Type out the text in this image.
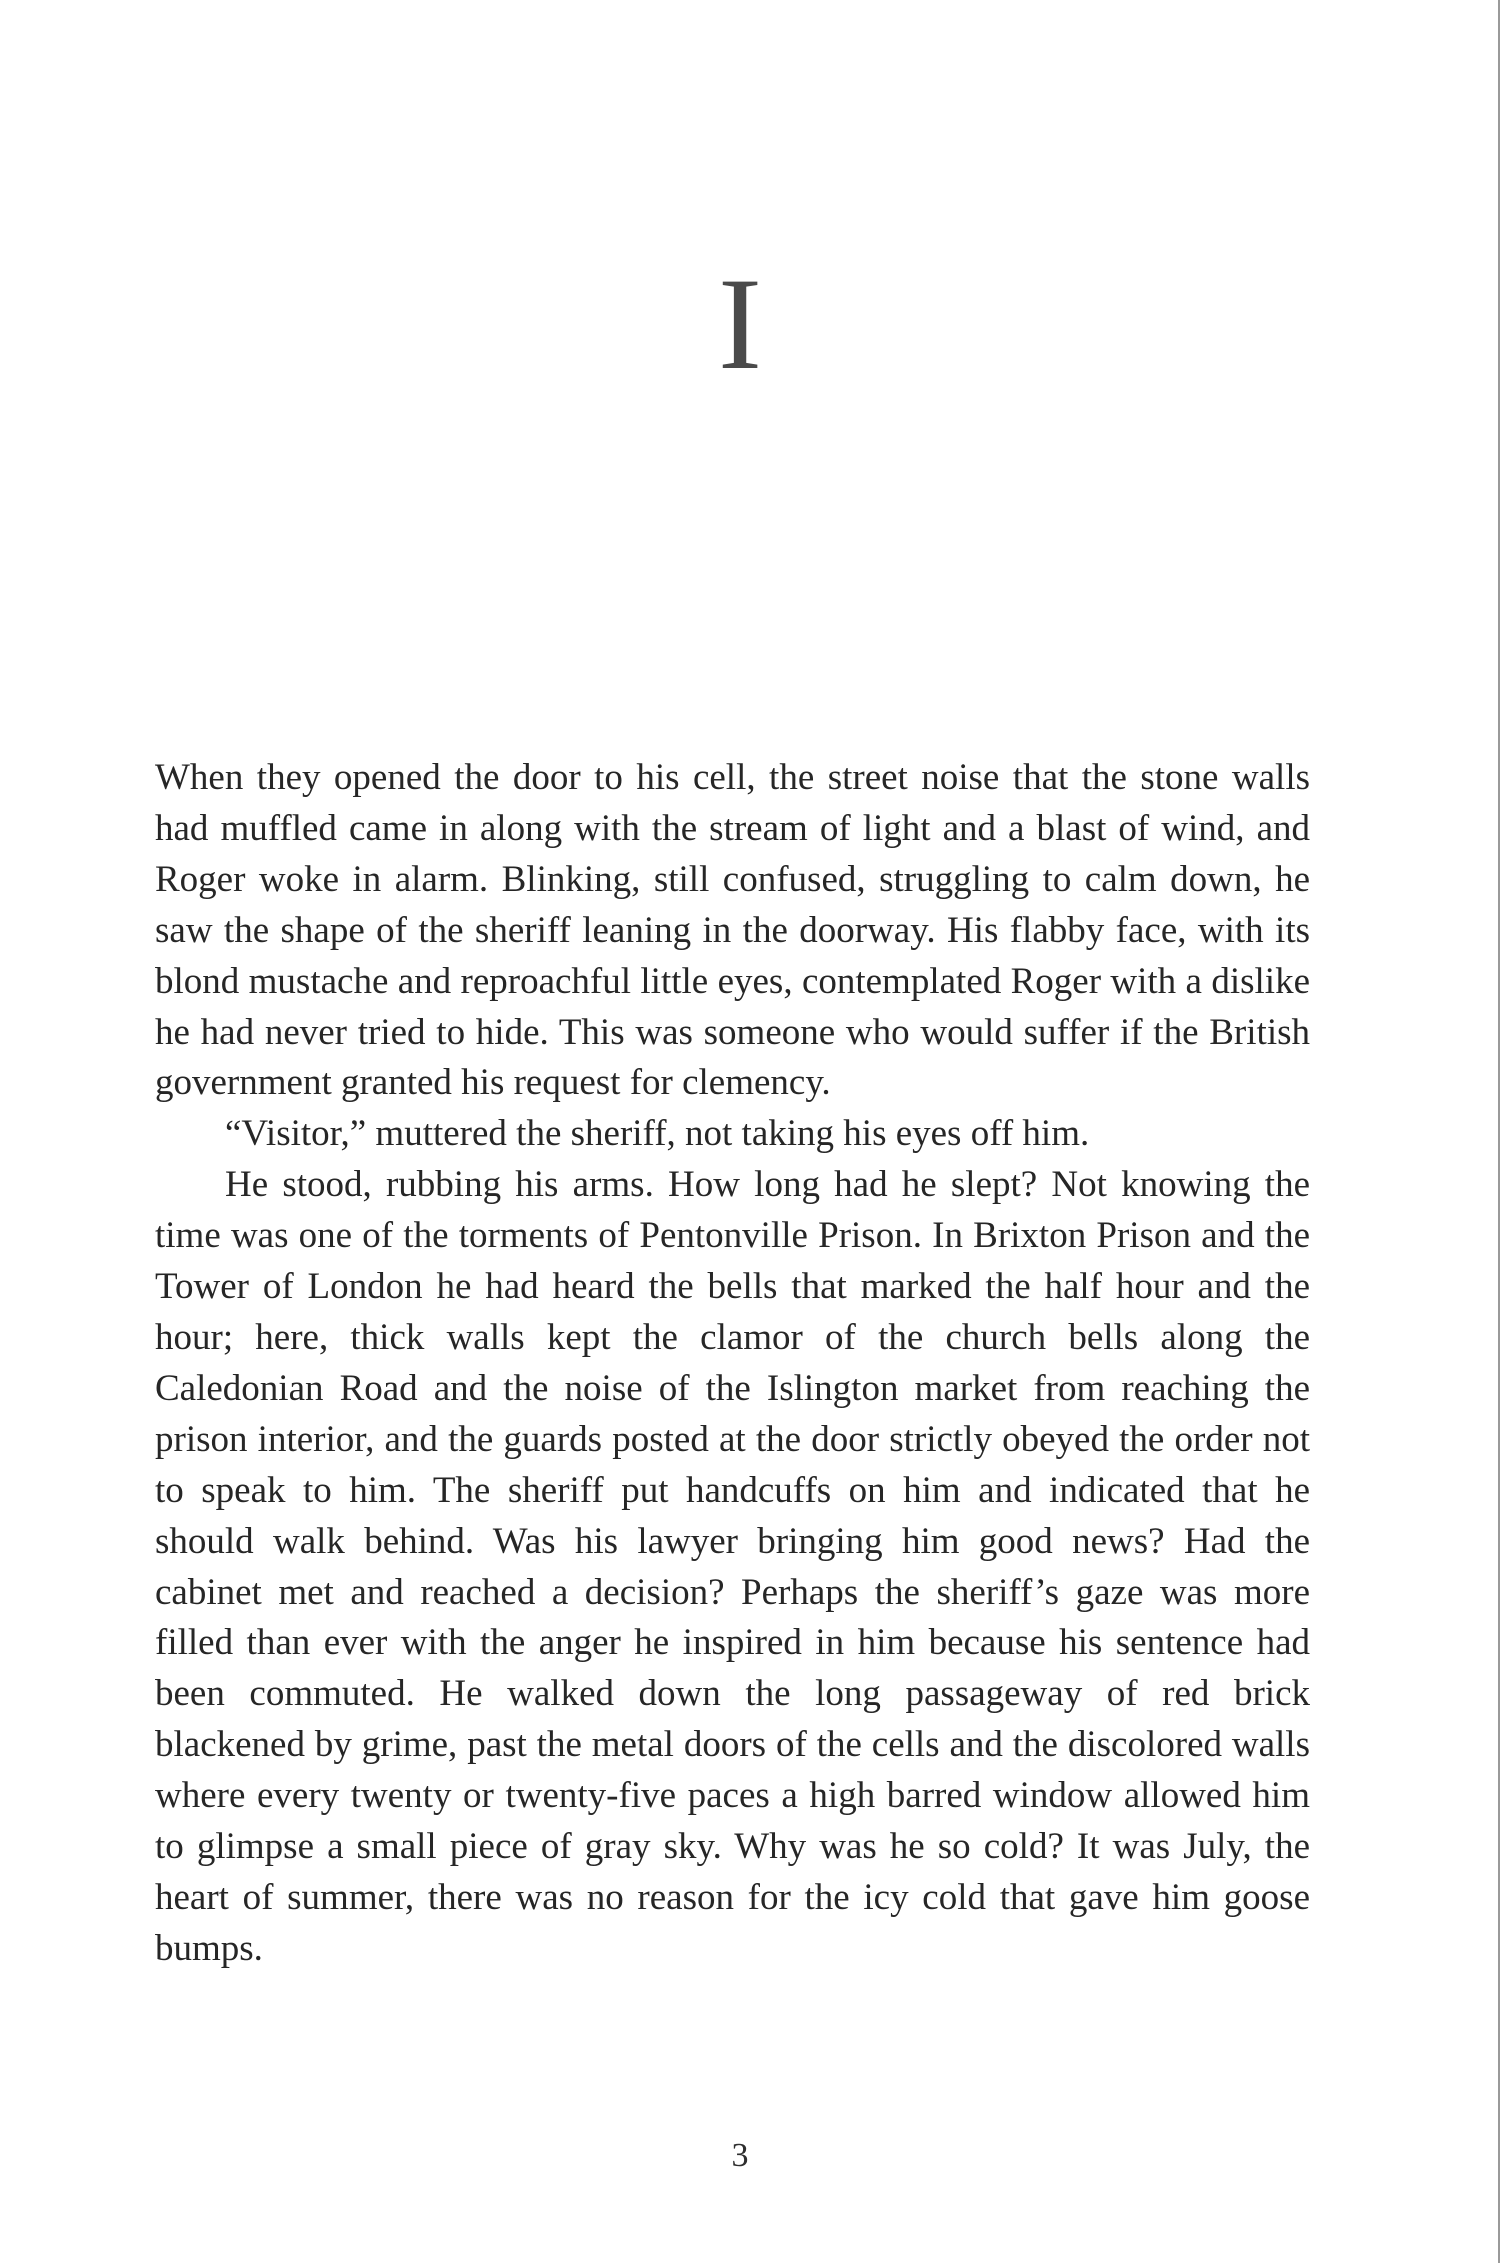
I

When they opened the door to his cell, the street noise that the stone walls had muffled came in along with the stream of light and a blast of wind, and Roger woke in alarm. Blinking, still confused, struggling to calm down, he saw the shape of the sheriff leaning in the doorway. His flabby face, with its blond mustache and reproachful little eyes, contemplated Roger with a dislike he had never tried to hide. This was someone who would suffer if the British government granted his request for clemency.

“Visitor,” muttered the sheriff, not taking his eyes off him.

He stood, rubbing his arms. How long had he slept? Not knowing the time was one of the torments of Pentonville Prison. In Brixton Prison and the Tower of London he had heard the bells that marked the half hour and the hour; here, thick walls kept the clamor of the church bells along the Caledonian Road and the noise of the Islington market from reaching the prison interior, and the guards posted at the door strictly obeyed the order not to speak to him. The sheriff put handcuffs on him and indicated that he should walk behind. Was his lawyer bringing him good news? Had the cabinet met and reached a decision? Perhaps the sheriff’s gaze was more filled than ever with the anger he inspired in him because his sentence had been commuted. He walked down the long passageway of red brick blackened by grime, past the metal doors of the cells and the discolored walls where every twenty or twenty-five paces a high barred window allowed him to glimpse a small piece of gray sky. Why was he so cold? It was July, the heart of summer, there was no reason for the icy cold that gave him goose bumps.

3
